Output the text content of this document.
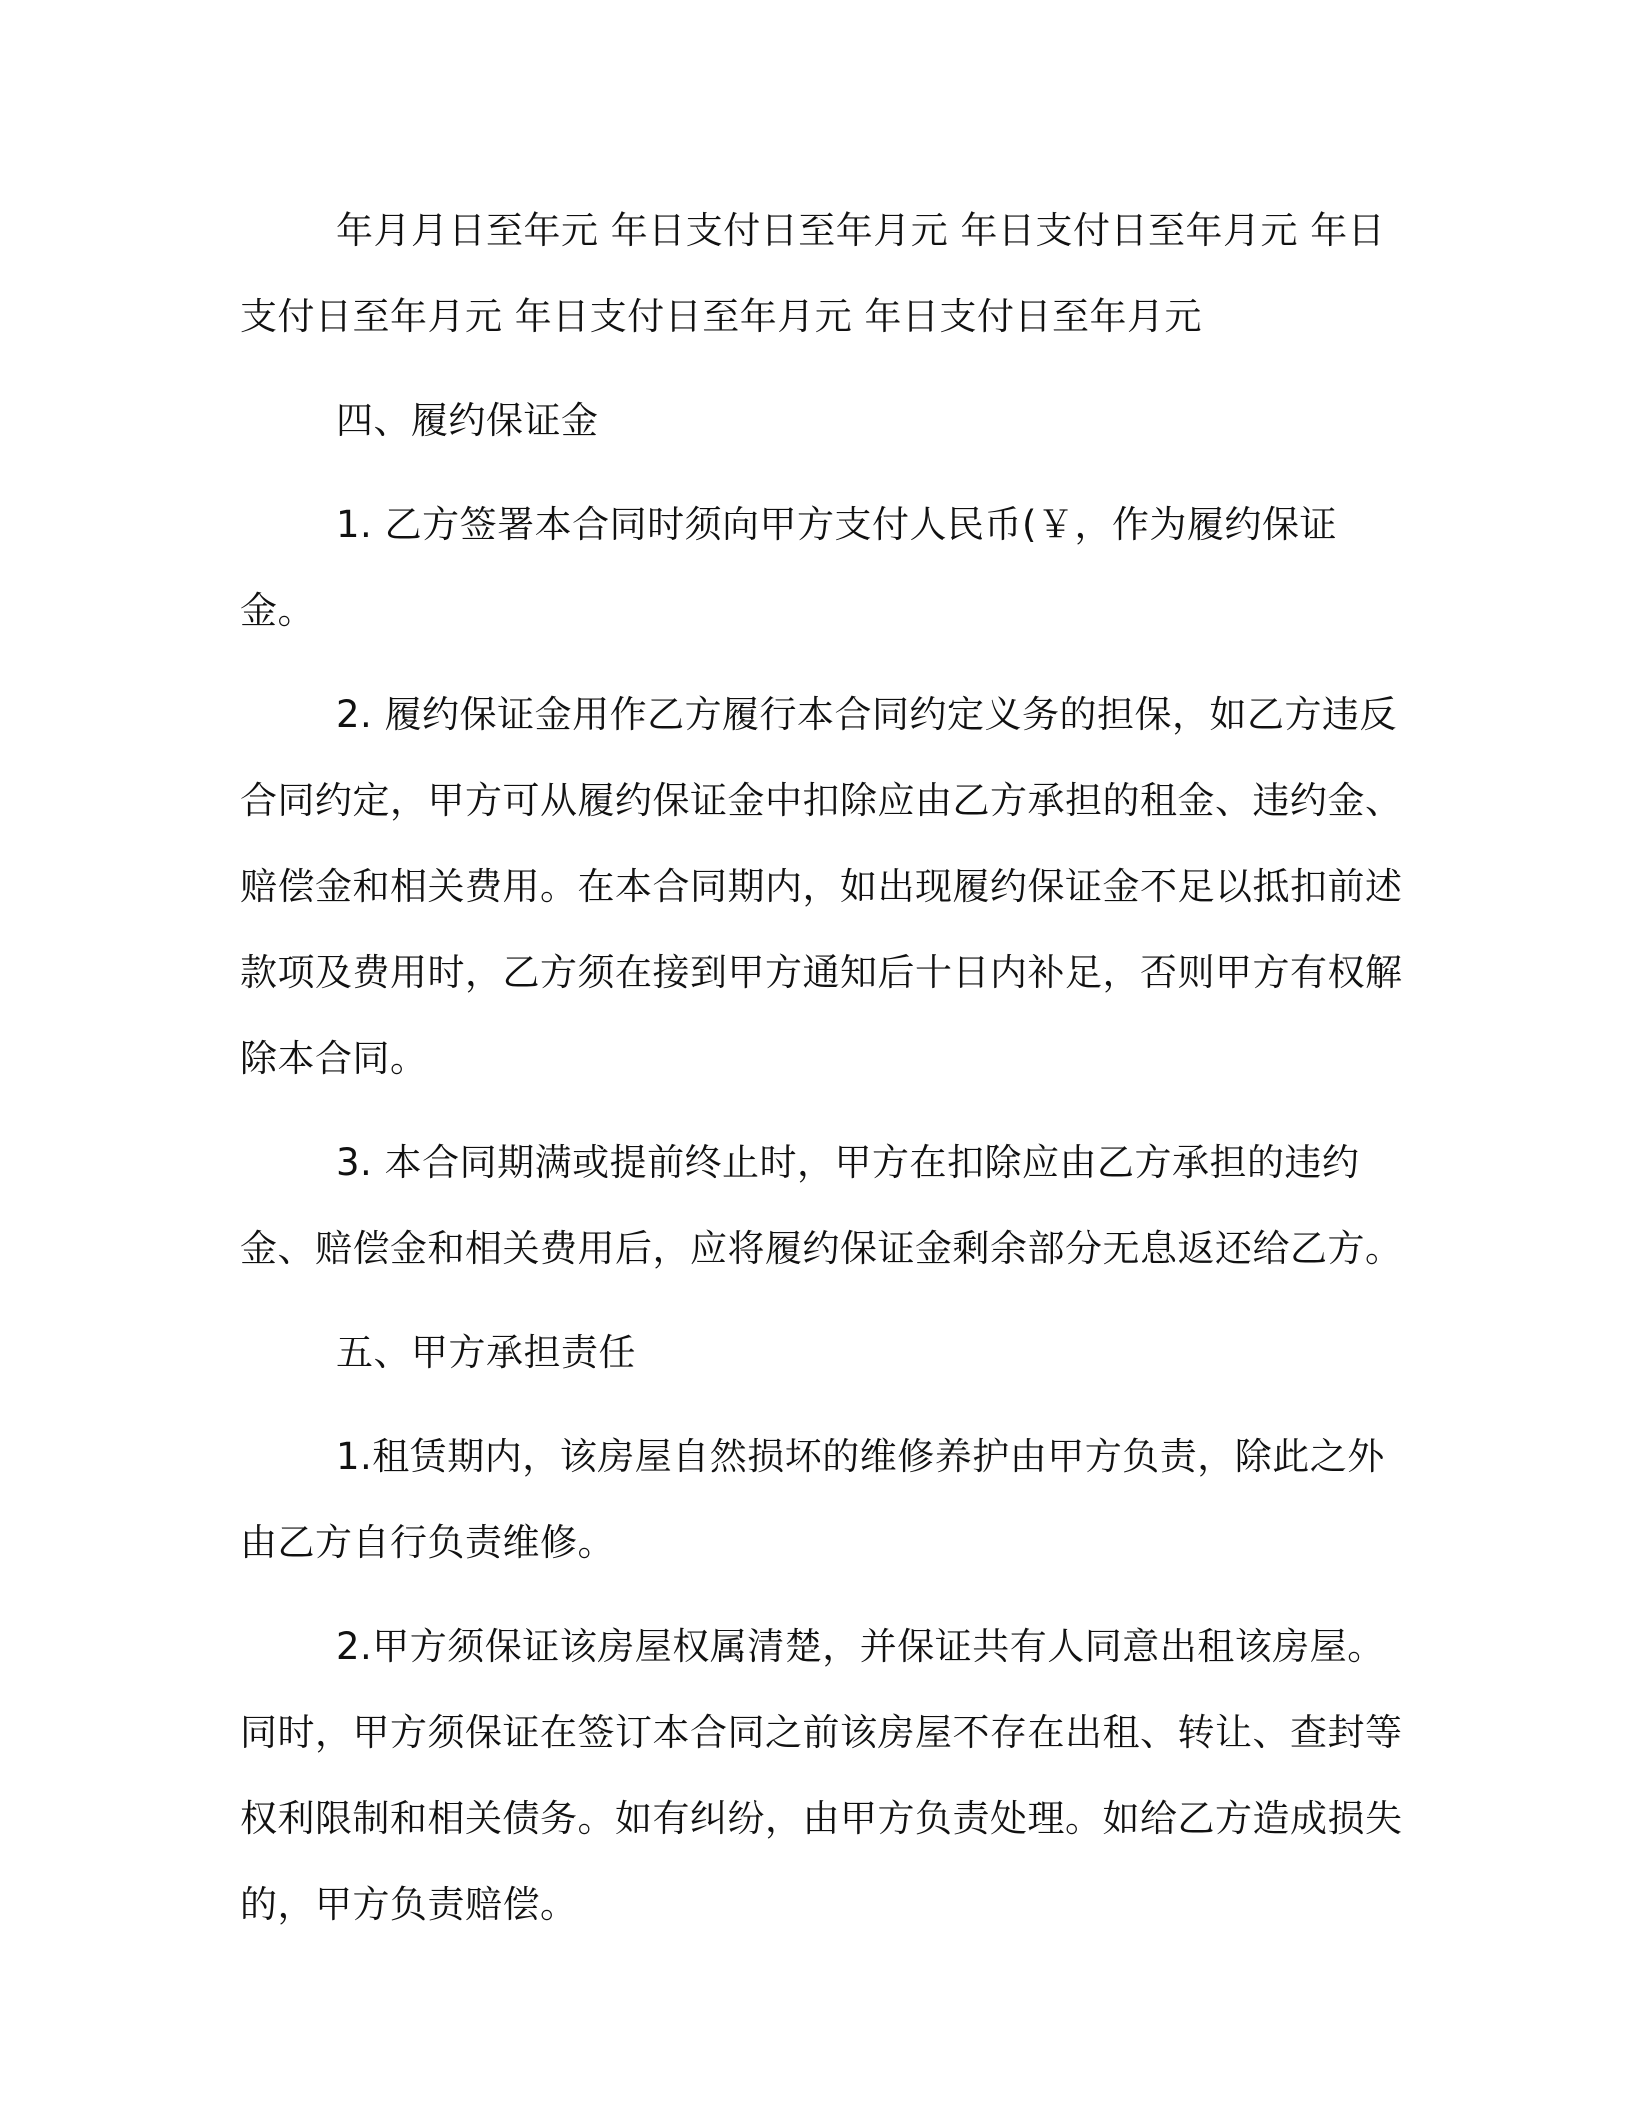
年月月日至年元 年日支付日至年月元 年日支付日至年月元 年日支付日至年月元 年日支付日至年月元 年日支付日至年月元

四、履约保证金

1. 乙方签署本合同时须向甲方支付人民币(￥，作为履约保证金。

2. 履约保证金用作乙方履行本合同约定义务的担保，如乙方违反合同约定，甲方可从履约保证金中扣除应由乙方承担的租金、违约金、赔偿金和相关费用。在本合同期内，如出现履约保证金不足以抵扣前述款项及费用时，乙方须在接到甲方通知后十日内补足，否则甲方有权解除本合同。

3. 本合同期满或提前终止时，甲方在扣除应由乙方承担的违约金、赔偿金和相关费用后，应将履约保证金剩余部分无息返还给乙方。

五、甲方承担责任

1.租赁期内，该房屋自然损坏的维修养护由甲方负责，除此之外由乙方自行负责维修。

2.甲方须保证该房屋权属清楚，并保证共有人同意出租该房屋。同时，甲方须保证在签订本合同之前该房屋不存在出租、转让、查封等权利限制和相关债务。如有纠纷，由甲方负责处理。如给乙方造成损失的，甲方负责赔偿。
